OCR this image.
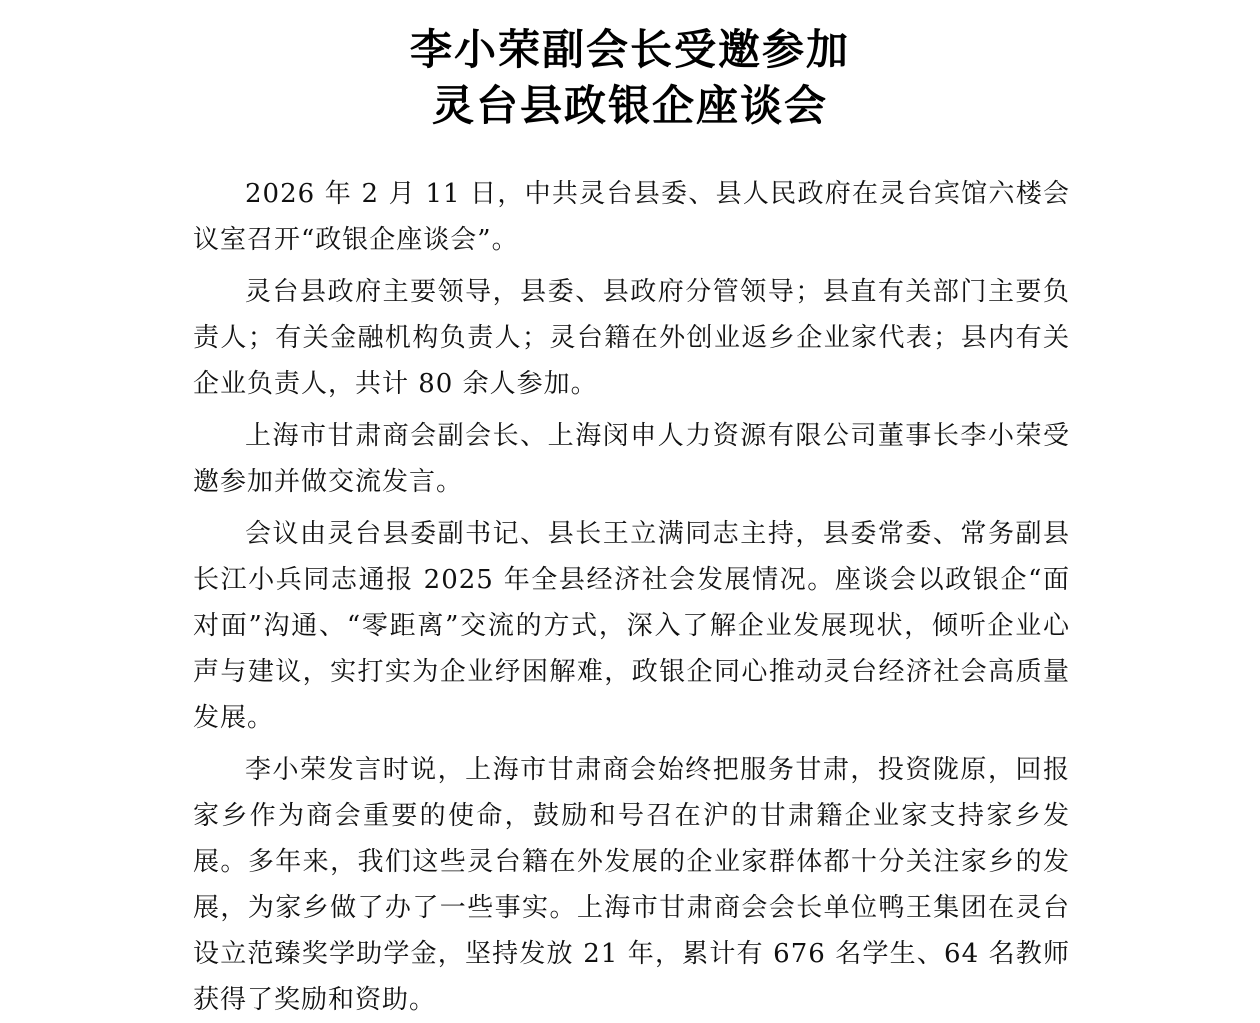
李小荣副会长受邀参加
灵台县政银企座谈会

2026 年 2 月 11 日，中共灵台县委、县人民政府在灵台宾馆六楼会议室召开“政银企座谈会”。

灵台县政府主要领导，县委、县政府分管领导；县直有关部门主要负责人；有关金融机构负责人；灵台籍在外创业返乡企业家代表；县内有关企业负责人，共计 80 余人参加。

上海市甘肃商会副会长、上海闵申人力资源有限公司董事长李小荣受邀参加并做交流发言。

会议由灵台县委副书记、县长王立满同志主持，县委常委、常务副县长江小兵同志通报 2025 年全县经济社会发展情况。座谈会以政银企“面对面”沟通、“零距离”交流的方式，深入了解企业发展现状，倾听企业心声与建议，实打实为企业纾困解难，政银企同心推动灵台经济社会高质量发展。

李小荣发言时说，上海市甘肃商会始终把服务甘肃，投资陇原，回报家乡作为商会重要的使命，鼓励和号召在沪的甘肃籍企业家支持家乡发展。多年来，我们这些灵台籍在外发展的企业家群体都十分关注家乡的发展，为家乡做了办了一些事实。上海市甘肃商会会长单位鸭王集团在灵台设立范臻奖学助学金，坚持发放 21 年，累计有 676 名学生、64 名教师获得了奖励和资助。
